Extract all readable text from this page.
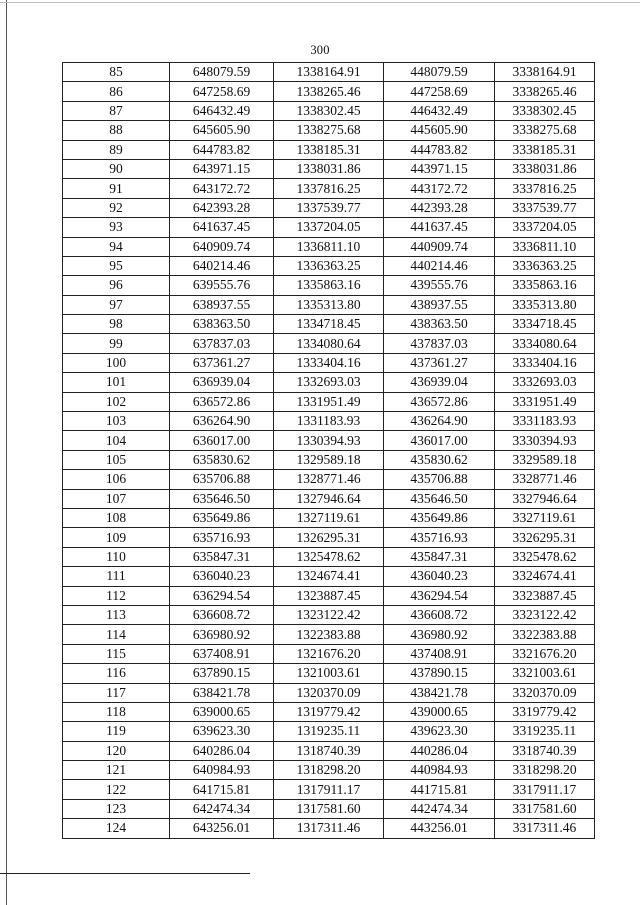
300
85	648079.59	1338164.91	448079.59	3338164.91
86	647258.69	1338265.46	447258.69	3338265.46
87	646432.49	1338302.45	446432.49	3338302.45
88	645605.90	1338275.68	445605.90	3338275.68
89	644783.82	1338185.31	444783.82	3338185.31
90	643971.15	1338031.86	443971.15	3338031.86
91	643172.72	1337816.25	443172.72	3337816.25
92	642393.28	1337539.77	442393.28	3337539.77
93	641637.45	1337204.05	441637.45	3337204.05
94	640909.74	1336811.10	440909.74	3336811.10
95	640214.46	1336363.25	440214.46	3336363.25
96	639555.76	1335863.16	439555.76	3335863.16
97	638937.55	1335313.80	438937.55	3335313.80
98	638363.50	1334718.45	438363.50	3334718.45
99	637837.03	1334080.64	437837.03	3334080.64
100	637361.27	1333404.16	437361.27	3333404.16
101	636939.04	1332693.03	436939.04	3332693.03
102	636572.86	1331951.49	436572.86	3331951.49
103	636264.90	1331183.93	436264.90	3331183.93
104	636017.00	1330394.93	436017.00	3330394.93
105	635830.62	1329589.18	435830.62	3329589.18
106	635706.88	1328771.46	435706.88	3328771.46
107	635646.50	1327946.64	435646.50	3327946.64
108	635649.86	1327119.61	435649.86	3327119.61
109	635716.93	1326295.31	435716.93	3326295.31
110	635847.31	1325478.62	435847.31	3325478.62
111	636040.23	1324674.41	436040.23	3324674.41
112	636294.54	1323887.45	436294.54	3323887.45
113	636608.72	1323122.42	436608.72	3323122.42
114	636980.92	1322383.88	436980.92	3322383.88
115	637408.91	1321676.20	437408.91	3321676.20
116	637890.15	1321003.61	437890.15	3321003.61
117	638421.78	1320370.09	438421.78	3320370.09
118	639000.65	1319779.42	439000.65	3319779.42
119	639623.30	1319235.11	439623.30	3319235.11
120	640286.04	1318740.39	440286.04	3318740.39
121	640984.93	1318298.20	440984.93	3318298.20
122	641715.81	1317911.17	441715.81	3317911.17
123	642474.34	1317581.60	442474.34	3317581.60
124	643256.01	1317311.46	443256.01	3317311.46
